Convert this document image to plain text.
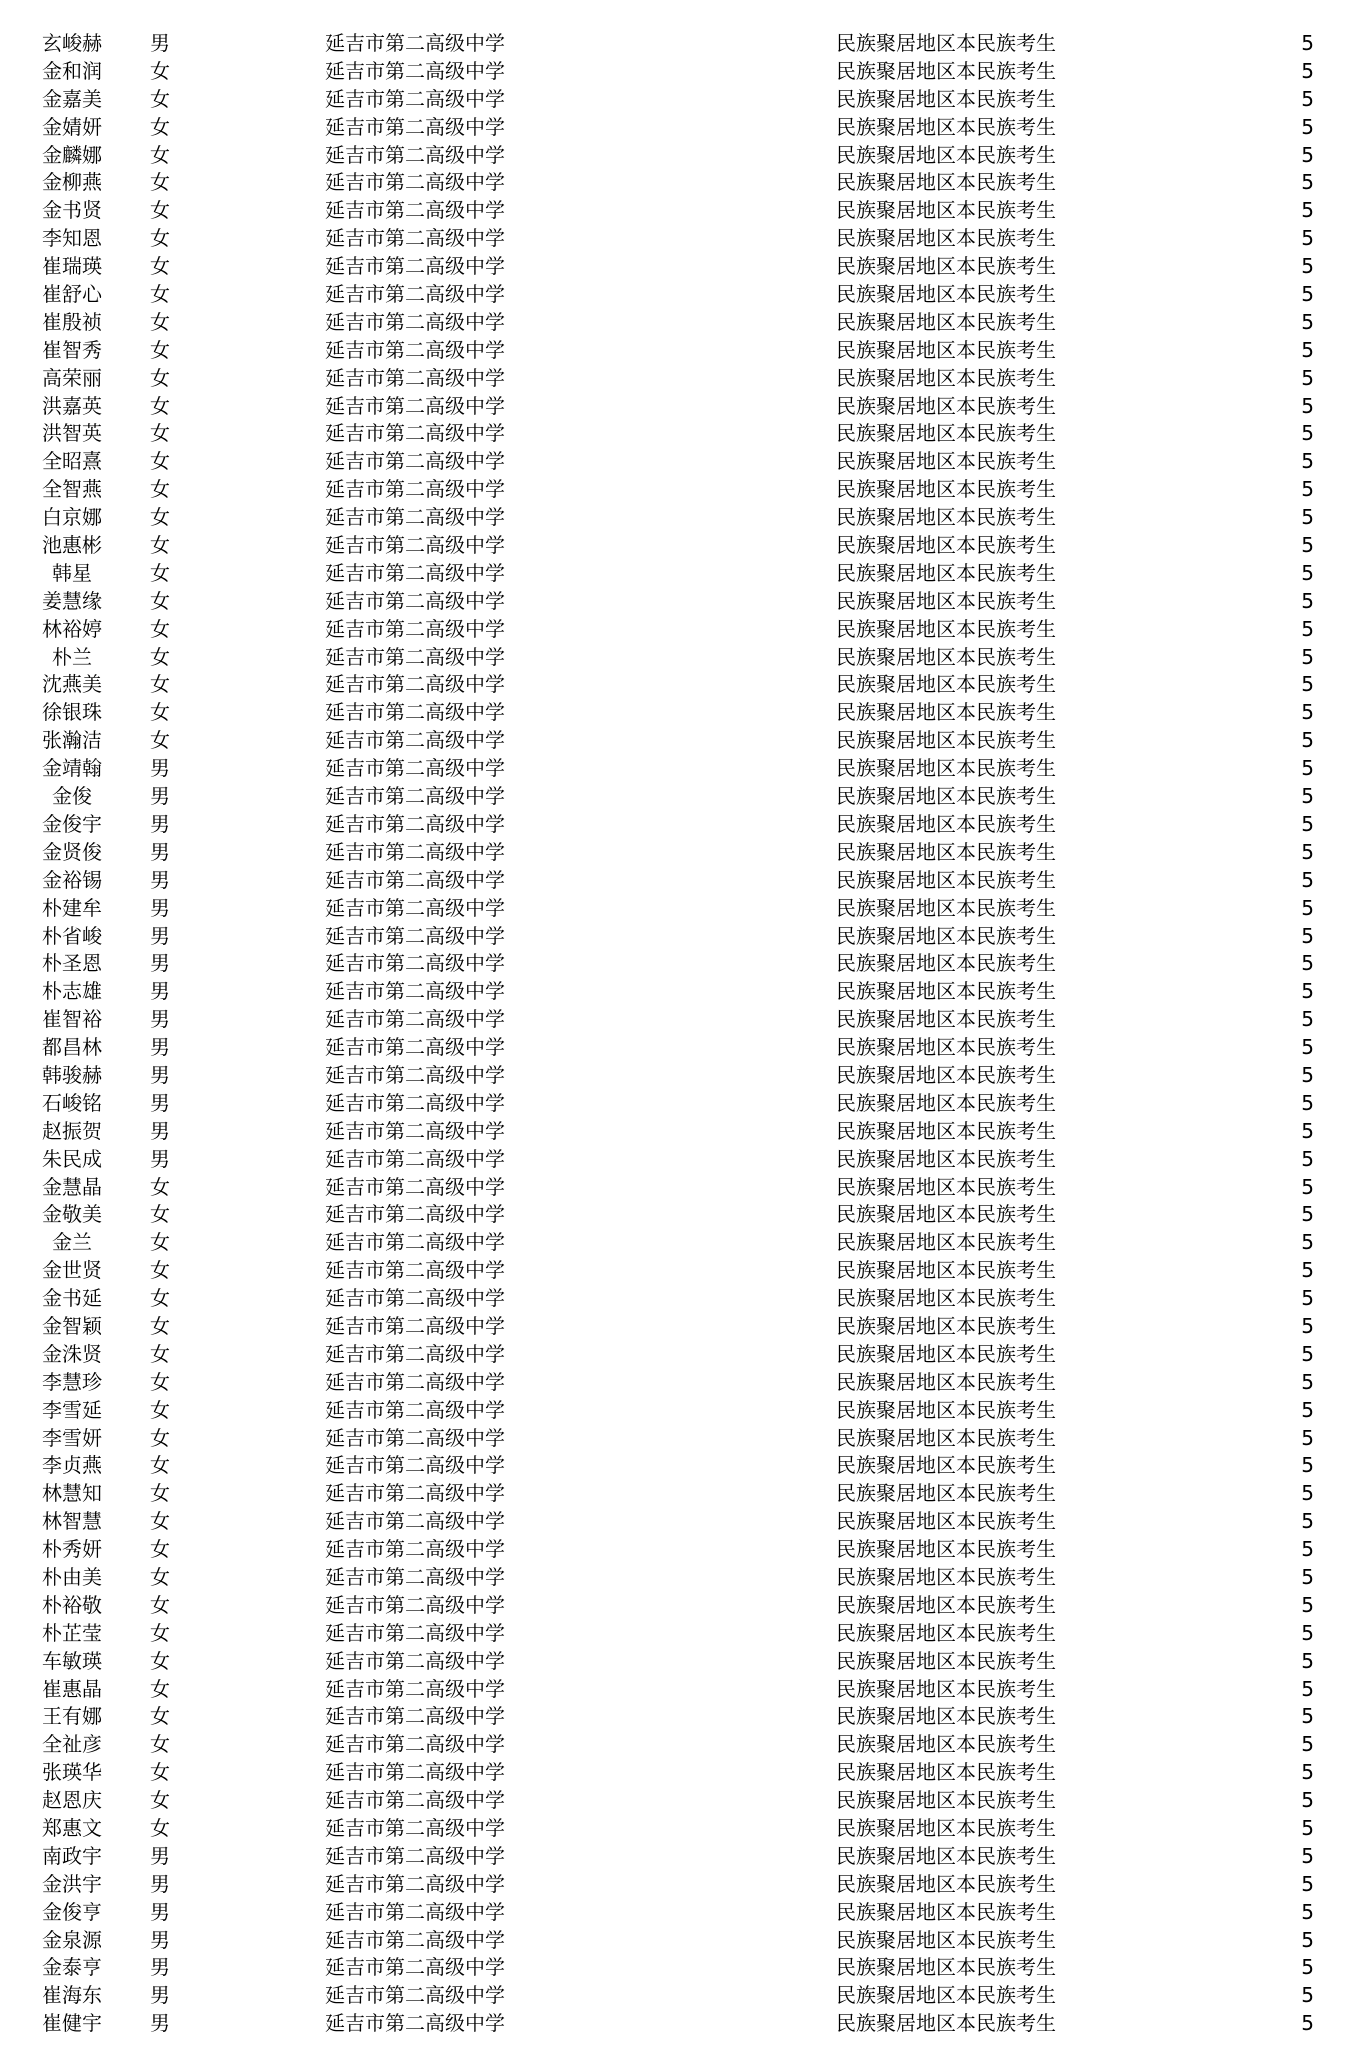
玄峻赫	男	延吉市第二高级中学	民族聚居地区本民族考生	5
金和润	女	延吉市第二高级中学	民族聚居地区本民族考生	5
金嘉美	女	延吉市第二高级中学	民族聚居地区本民族考生	5
金婧妍	女	延吉市第二高级中学	民族聚居地区本民族考生	5
金麟娜	女	延吉市第二高级中学	民族聚居地区本民族考生	5
金柳燕	女	延吉市第二高级中学	民族聚居地区本民族考生	5
金书贤	女	延吉市第二高级中学	民族聚居地区本民族考生	5
李知恩	女	延吉市第二高级中学	民族聚居地区本民族考生	5
崔瑞瑛	女	延吉市第二高级中学	民族聚居地区本民族考生	5
崔舒心	女	延吉市第二高级中学	民族聚居地区本民族考生	5
崔殷祯	女	延吉市第二高级中学	民族聚居地区本民族考生	5
崔智秀	女	延吉市第二高级中学	民族聚居地区本民族考生	5
高荣丽	女	延吉市第二高级中学	民族聚居地区本民族考生	5
洪嘉英	女	延吉市第二高级中学	民族聚居地区本民族考生	5
洪智英	女	延吉市第二高级中学	民族聚居地区本民族考生	5
全昭熹	女	延吉市第二高级中学	民族聚居地区本民族考生	5
全智燕	女	延吉市第二高级中学	民族聚居地区本民族考生	5
白京娜	女	延吉市第二高级中学	民族聚居地区本民族考生	5
池惠彬	女	延吉市第二高级中学	民族聚居地区本民族考生	5
韩星	女	延吉市第二高级中学	民族聚居地区本民族考生	5
姜慧缘	女	延吉市第二高级中学	民族聚居地区本民族考生	5
林裕婷	女	延吉市第二高级中学	民族聚居地区本民族考生	5
朴兰	女	延吉市第二高级中学	民族聚居地区本民族考生	5
沈燕美	女	延吉市第二高级中学	民族聚居地区本民族考生	5
徐银珠	女	延吉市第二高级中学	民族聚居地区本民族考生	5
张瀚洁	女	延吉市第二高级中学	民族聚居地区本民族考生	5
金靖翰	男	延吉市第二高级中学	民族聚居地区本民族考生	5
金俊	男	延吉市第二高级中学	民族聚居地区本民族考生	5
金俊宇	男	延吉市第二高级中学	民族聚居地区本民族考生	5
金贤俊	男	延吉市第二高级中学	民族聚居地区本民族考生	5
金裕锡	男	延吉市第二高级中学	民族聚居地区本民族考生	5
朴建牟	男	延吉市第二高级中学	民族聚居地区本民族考生	5
朴省峻	男	延吉市第二高级中学	民族聚居地区本民族考生	5
朴圣恩	男	延吉市第二高级中学	民族聚居地区本民族考生	5
朴志雄	男	延吉市第二高级中学	民族聚居地区本民族考生	5
崔智裕	男	延吉市第二高级中学	民族聚居地区本民族考生	5
都昌林	男	延吉市第二高级中学	民族聚居地区本民族考生	5
韩骏赫	男	延吉市第二高级中学	民族聚居地区本民族考生	5
石峻铭	男	延吉市第二高级中学	民族聚居地区本民族考生	5
赵振贺	男	延吉市第二高级中学	民族聚居地区本民族考生	5
朱民成	男	延吉市第二高级中学	民族聚居地区本民族考生	5
金慧晶	女	延吉市第二高级中学	民族聚居地区本民族考生	5
金敬美	女	延吉市第二高级中学	民族聚居地区本民族考生	5
金兰	女	延吉市第二高级中学	民族聚居地区本民族考生	5
金世贤	女	延吉市第二高级中学	民族聚居地区本民族考生	5
金书延	女	延吉市第二高级中学	民族聚居地区本民族考生	5
金智颖	女	延吉市第二高级中学	民族聚居地区本民族考生	5
金洙贤	女	延吉市第二高级中学	民族聚居地区本民族考生	5
李慧珍	女	延吉市第二高级中学	民族聚居地区本民族考生	5
李雪延	女	延吉市第二高级中学	民族聚居地区本民族考生	5
李雪妍	女	延吉市第二高级中学	民族聚居地区本民族考生	5
李贞燕	女	延吉市第二高级中学	民族聚居地区本民族考生	5
林慧知	女	延吉市第二高级中学	民族聚居地区本民族考生	5
林智慧	女	延吉市第二高级中学	民族聚居地区本民族考生	5
朴秀妍	女	延吉市第二高级中学	民族聚居地区本民族考生	5
朴由美	女	延吉市第二高级中学	民族聚居地区本民族考生	5
朴裕敬	女	延吉市第二高级中学	民族聚居地区本民族考生	5
朴芷莹	女	延吉市第二高级中学	民族聚居地区本民族考生	5
车敏瑛	女	延吉市第二高级中学	民族聚居地区本民族考生	5
崔惠晶	女	延吉市第二高级中学	民族聚居地区本民族考生	5
王有娜	女	延吉市第二高级中学	民族聚居地区本民族考生	5
全祉彦	女	延吉市第二高级中学	民族聚居地区本民族考生	5
张瑛华	女	延吉市第二高级中学	民族聚居地区本民族考生	5
赵恩庆	女	延吉市第二高级中学	民族聚居地区本民族考生	5
郑惠文	女	延吉市第二高级中学	民族聚居地区本民族考生	5
南政宇	男	延吉市第二高级中学	民族聚居地区本民族考生	5
金洪宇	男	延吉市第二高级中学	民族聚居地区本民族考生	5
金俊亨	男	延吉市第二高级中学	民族聚居地区本民族考生	5
金泉源	男	延吉市第二高级中学	民族聚居地区本民族考生	5
金泰亨	男	延吉市第二高级中学	民族聚居地区本民族考生	5
崔海东	男	延吉市第二高级中学	民族聚居地区本民族考生	5
崔健宇	男	延吉市第二高级中学	民族聚居地区本民族考生	5
